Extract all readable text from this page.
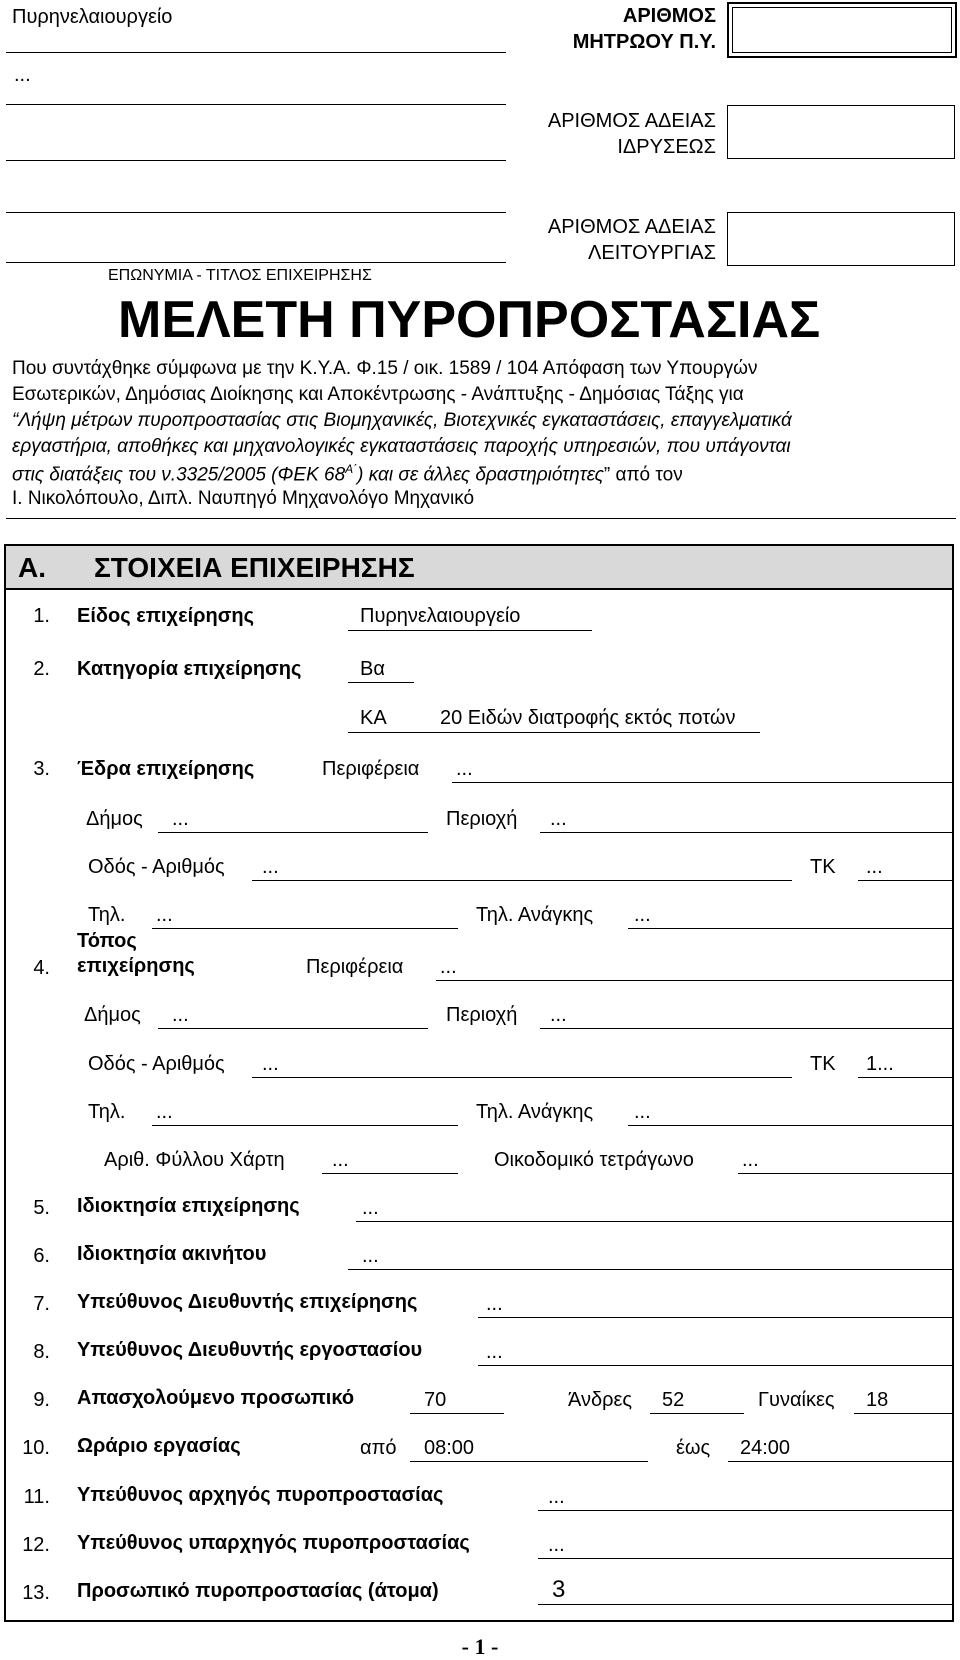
Πυρηνελαιουργείο
...
ΕΠΩΝΥΜΙΑ - ΤΙΤΛΟΣ ΕΠΙΧΕΙΡΗΣΗΣ
ΑΡΙΘΜΟΣ
ΜΗΤΡΩΟΥ Π.Υ.
ΑΡΙΘΜΟΣ ΑΔΕΙΑΣ
ΙΔΡΥΣΕΩΣ
ΑΡΙΘΜΟΣ ΑΔΕΙΑΣ
ΛΕΙΤΟΥΡΓΙΑΣ
ΜΕΛΕΤΗ ΠΥΡΟΠΡΟΣΤΑΣΙΑΣ
Που συντάχθηκε σύμφωνα με την Κ.Υ.Α. Φ.15 / οικ. 1589 / 104 Απόφαση των Υπουργών
Εσωτερικών, Δημόσιας Διοίκησης και Αποκέντρωσης - Ανάπτυξης - Δημόσιας Τάξης για
“Λήψη μέτρων πυροπροστασίας στις Βιομηχανικές, Βιοτεχνικές εγκαταστάσεις, επαγγελματικά
εργαστήρια, αποθήκες και μηχανολογικές εγκαταστάσεις παροχής υπηρεσιών, που υπάγονται
στις διατάξεις του ν.3325/2005 (ΦΕΚ $68^{A΄}$) και σε άλλες δραστηριότητες” από τον
Ι. Νικολόπουλο, Διπλ. Ναυπηγό Μηχανολόγο Μηχανικό
Α. ΣΤΟΙΧΕΙΑ ΕΠΙΧΕΙΡΗΣΗΣ
1. Είδος επιχείρησης	Πυρηνελαιουργείο
2. Κατηγορία επιχείρησης	Βα
ΚΑ	20 Ειδών διατροφής εκτός ποτών
3. Έδρα επιχείρησης	Περιφέρεια ...
Δήμος ...	Περιοχή ...
Οδός - Αριθμός ...	ΤΚ ...
Τηλ. ...	Τηλ. Ανάγκης ...
Τόπος
4. επιχείρησης	Περιφέρεια ...
Δήμος ...	Περιοχή ...
Οδός - Αριθμός ...	ΤΚ 1...
Τηλ. ...	Τηλ. Ανάγκης ...
Αριθ. Φύλλου Χάρτη ...	Οικοδομικό τετράγωνο ...
5. Ιδιοκτησία επιχείρησης	...
6. Ιδιοκτησία ακινήτου	...
7. Υπεύθυνος Διευθυντής επιχείρησης	...
8. Υπεύθυνος Διευθυντής εργοστασίου	...
9. Απασχολούμενο προσωπικό	70	Άνδρες 52	Γυναίκες 18
10. Ωράριο εργασίας	από 08:00	έως 24:00
11. Υπεύθυνος αρχηγός πυροπροστασίας	...
12. Υπεύθυνος υπαρχηγός πυροπροστασίας	...
13. Προσωπικό πυροπροστασίας (άτομα)	3
- 1 -
